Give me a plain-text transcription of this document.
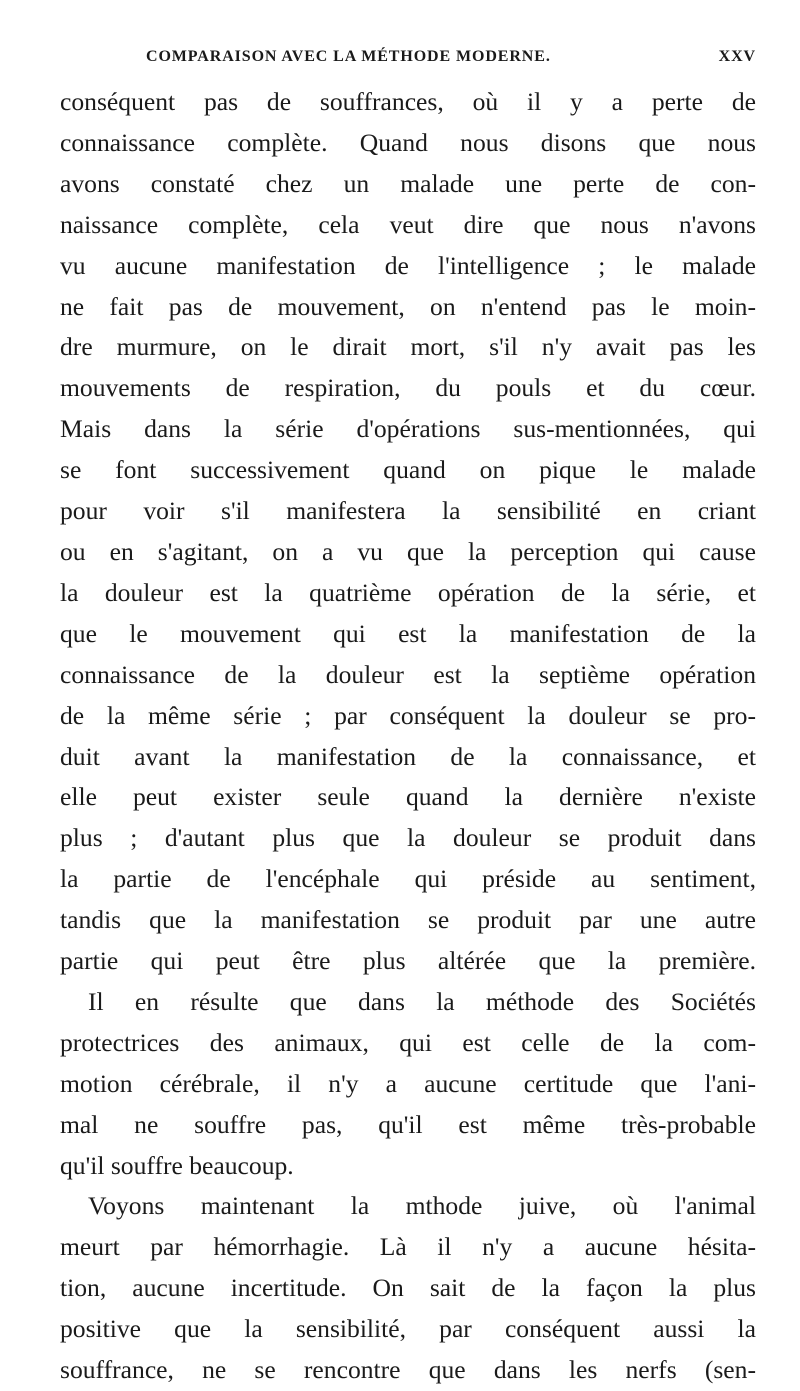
COMPARAISON AVEC LA MÉTHODE MODERNE.	XXV
conséquent pas de souffrances, où il y a perte de
connaissance complète. Quand nous disons que nous
avons constaté chez un malade une perte de con-
naissance complète, cela veut dire que nous n'avons
vu aucune manifestation de l'intelligence ; le malade
ne fait pas de mouvement, on n'entend pas le moin-
dre murmure, on le dirait mort, s'il n'y avait pas les
mouvements de respiration, du pouls et du cœur.
Mais dans la série d'opérations sus-mentionnées, qui
se font successivement quand on pique le malade
pour voir s'il manifestera la sensibilité en criant
ou en s'agitant, on a vu que la perception qui cause
la douleur est la quatrième opération de la série, et
que le mouvement qui est la manifestation de la
connaissance de la douleur est la septième opération
de la même série ; par conséquent la douleur se pro-
duit avant la manifestation de la connaissance, et
elle peut exister seule quand la dernière n'existe
plus ; d'autant plus que la douleur se produit dans
la partie de l'encéphale qui préside au sentiment,
tandis que la manifestation se produit par une autre
partie qui peut être plus altérée que la première.
Il en résulte que dans la méthode des Sociétés
protectrices des animaux, qui est celle de la com-
motion cérébrale, il n'y a aucune certitude que l'ani-
mal ne souffre pas, qu'il est même très-probable
qu'il souffre beaucoup.
Voyons maintenant la mthode juive, où l'animal
meurt par hémorrhagie. Là il n'y a aucune hésita-
tion, aucune incertitude. On sait de la façon la plus
positive que la sensibilité, par conséquent aussi la
souffrance, ne se rencontre que dans les nerfs (sen-
